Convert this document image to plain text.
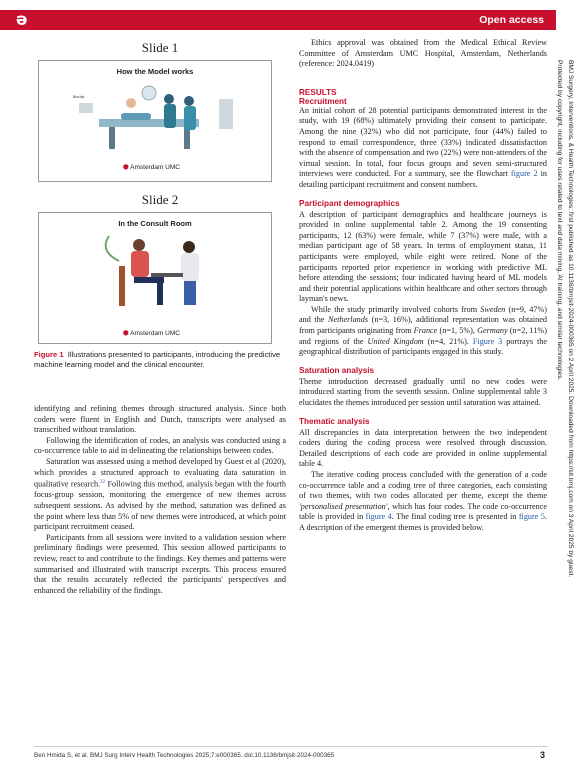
ə	Open access
BMJ Surgery, Interventions, & Health Technologies: first published as 10.1136/bmjsit-2024-000365 on 2 April 2025. Downloaded from https://sit.bmj.com on 3 April 2025 by guest.
Protected by copyright, including for uses related to text and data mining, AI training, and similar technologies.
Slide 1
How the Model works
Biochip
⬢ Amsterdam UMC
Slide 2
In the Consult Room
⬢ Amsterdam UMC
Figure 1 Illustrations presented to participants, introducing the predictive machine learning model and the clinical encounter.

identifying and refining themes through structured analysis. Since both coders were fluent in English and Dutch, transcripts were analysed as transcribed without translation.

Following the identification of codes, an analysis was conducted using a co-occurrence table to aid in delineating the relationships between codes.

Saturation was assessed using a method developed by Guest et al (2020), which provides a structured approach to evaluating data saturation in qualitative research.$^{22}$ Following this method, analysis began with the fourth focus-group session, monitoring the emergence of new themes across subsequent sessions. As advised by the method, saturation was defined as the point where less than 5% of new themes were introduced, at which point participant recruitment ceased.

Participants from all sessions were invited to a validation session where preliminary findings were presented. This session allowed participants to review, react to and contribute to the findings. Key themes and patterns were summarised and illustrated with transcript excerpts. This process ensured that the results accurately reflected the participants' perspectives and enhanced the reliability of the findings.

Ethics approval was obtained from the Medical Ethical Review Committee of Amsterdam UMC Hospital, Amsterdam, Netherlands (reference: 2024.0419)

RESULTS
Recruitment

An initial cohort of 28 potential participants demonstrated interest in the study, with 19 (68%) ultimately providing their consent to participate. Among the nine (32%) who did not participate, four (44%) failed to respond to email correspondence, three (33%) indicated dissatisfaction with the absence of compensation and two (22%) were non-attenders of the virtual session. In total, four focus groups and seven semi-structured interviews were conducted. For a summary, see the flowchart figure 2 in detailing participant recruitment and consent numbers.

Participant demographics

A description of participant demographics and healthcare journeys is provided in online supplemental table 2. Among the 19 consenting participants, 12 (63%) were female, while 7 (37%) were male, with a median participant age of 58 years. In terms of employment status, 11 participants were employed, while eight were retired. None of the participants reported prior experience in working with predictive ML before attending the sessions; four indicated having heard of ML models and their potential applications within healthcare and other sectors through layman's news.

While the study primarily involved cohorts from Sweden (n=9, 47%) and the Netherlands (n=3, 16%), additional representation was obtained from participants originating from France (n=1, 5%), Germany (n=2, 11%) and regions of the United Kingdom (n=4, 21%). Figure 3 portrays the geographical distribution of participants engaged in this study.

Saturation analysis

Theme introduction decreased gradually until no new codes were introduced starting from the seventh session. Online supplemental table 3 elucidates the themes introduced per session until saturation was attained.

Thematic analysis

All discrepancies in data interpretation between the two independent coders during the coding process were resolved through discussion. Detailed descriptions of each code are provided in online supplemental table 4.

The iterative coding process concluded with the generation of a code co-occurrence table and a coding tree of three categories, each consisting of two themes, with two codes allocated per theme, except the theme 'personalised presentation', which has four codes. The code co-occurrence table is provided in figure 4. The final coding tree is presented in figure 5. A description of the emergent themes is provided below.

Ben Hmida S, et al. BMJ Surg Interv Health Technologies 2025;7:e000365. doi:10.1136/bmjsit-2024-000365	3
